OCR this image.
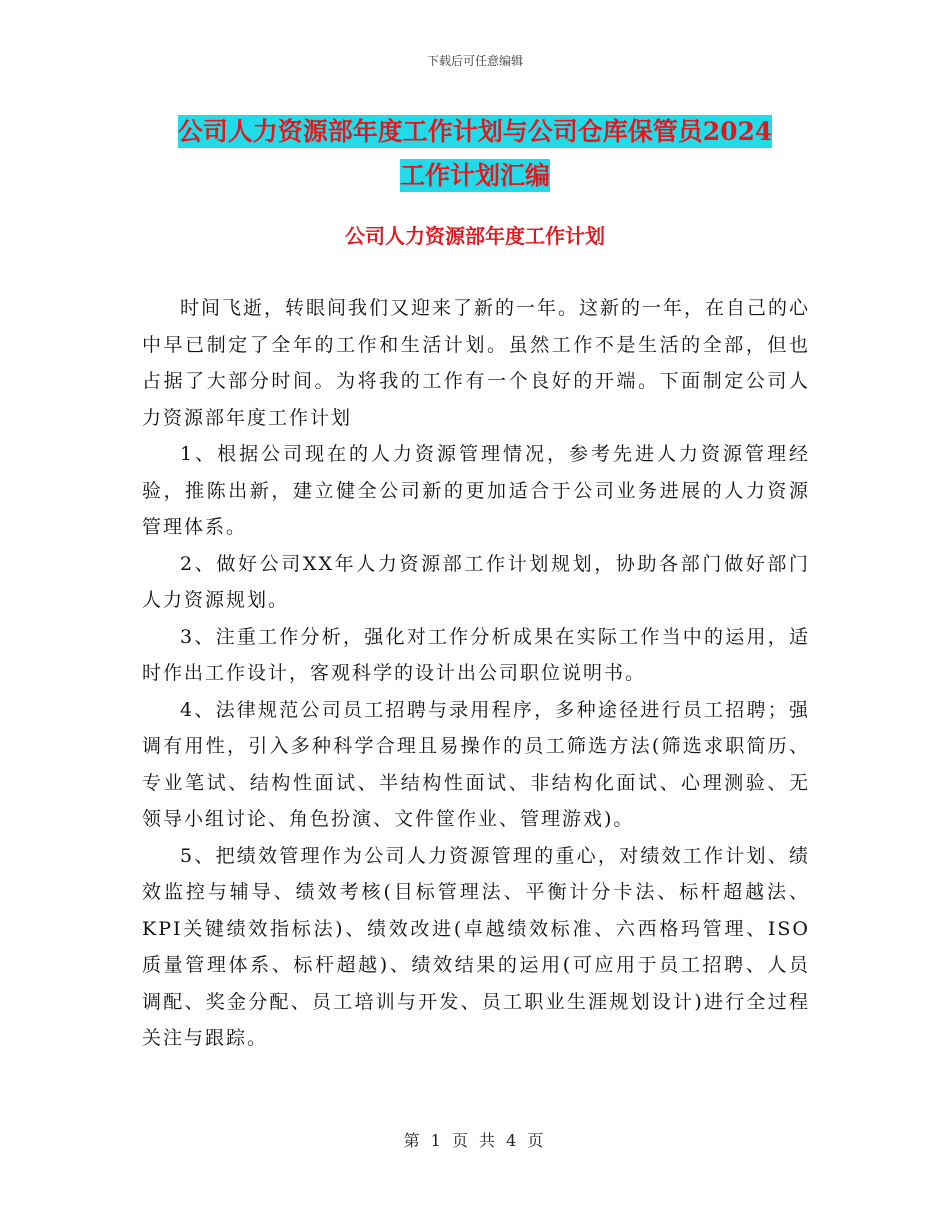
下载后可任意编辑
公司人力资源部年度工作计划与公司仓库保管员2024
工作计划汇编
公司人力资源部年度工作计划

时间飞逝，转眼间我们又迎来了新的一年。这新的一年，在自己的心中早已制定了全年的工作和生活计划。虽然工作不是生活的全部，但也占据了大部分时间。为将我的工作有一个良好的开端。下面制定公司人力资源部年度工作计划

1、根据公司现在的人力资源管理情况，参考先进人力资源管理经验，推陈出新，建立健全公司新的更加适合于公司业务进展的人力资源管理体系。

2、做好公司XX年人力资源部工作计划规划，协助各部门做好部门人力资源规划。

3、注重工作分析，强化对工作分析成果在实际工作当中的运用，适时作出工作设计，客观科学的设计出公司职位说明书。

4、法律规范公司员工招聘与录用程序，多种途径进行员工招聘；强调有用性，引入多种科学合理且易操作的员工筛选方法(筛选求职简历、专业笔试、结构性面试、半结构性面试、非结构化面试、心理测验、无领导小组讨论、角色扮演、文件筐作业、管理游戏)。

5、把绩效管理作为公司人力资源管理的重心，对绩效工作计划、绩效监控与辅导、绩效考核(目标管理法、平衡计分卡法、标杆超越法、KPI关键绩效指标法)、绩效改进(卓越绩效标准、六西格玛管理、ISO质量管理体系、标杆超越)、绩效结果的运用(可应用于员工招聘、人员调配、奖金分配、员工培训与开发、员工职业生涯规划设计)进行全过程关注与跟踪。

第 1 页 共 4 页
